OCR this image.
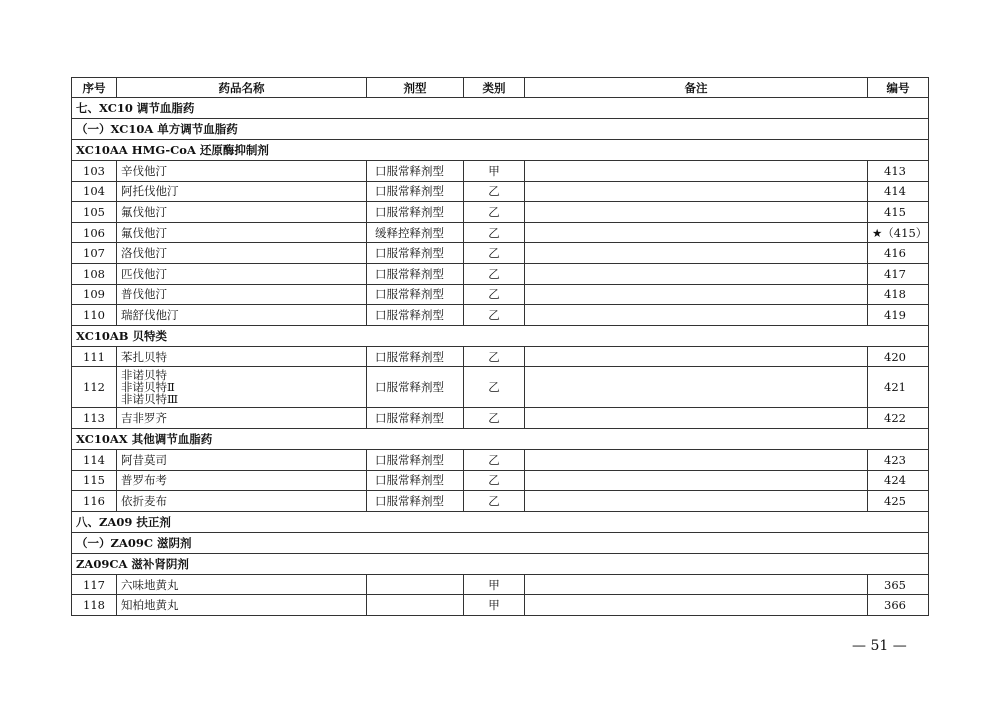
序号	药品名称	剂型	类别	备注	编号
七、XC10 调节血脂药					
（一）XC10A 单方调节血脂药					
XC10AA HMG-CoA 还原酶抑制剂					
103	辛伐他汀	口服常释剂型	甲		413
104	阿托伐他汀	口服常释剂型	乙		414
105	氟伐他汀	口服常释剂型	乙		415
106	氟伐他汀	缓释控释剂型	乙		★（415）
107	洛伐他汀	口服常释剂型	乙		416
108	匹伐他汀	口服常释剂型	乙		417
109	普伐他汀	口服常释剂型	乙		418
110	瑞舒伐他汀	口服常释剂型	乙		419
XC10AB 贝特类					
111	苯扎贝特	口服常释剂型	乙		420
112	非诺贝特
非诺贝特Ⅱ
非诺贝特Ⅲ	口服常释剂型	乙		421
113	吉非罗齐	口服常释剂型	乙		422
XC10AX 其他调节血脂药					
114	阿昔莫司	口服常释剂型	乙		423
115	普罗布考	口服常释剂型	乙		424
116	依折麦布	口服常释剂型	乙		425
八、ZA09 扶正剂					
（一）ZA09C 滋阴剂					
ZA09CA 滋补肾阴剂					
117	六味地黄丸		甲		365
118	知柏地黄丸		甲		366
— 51 —
